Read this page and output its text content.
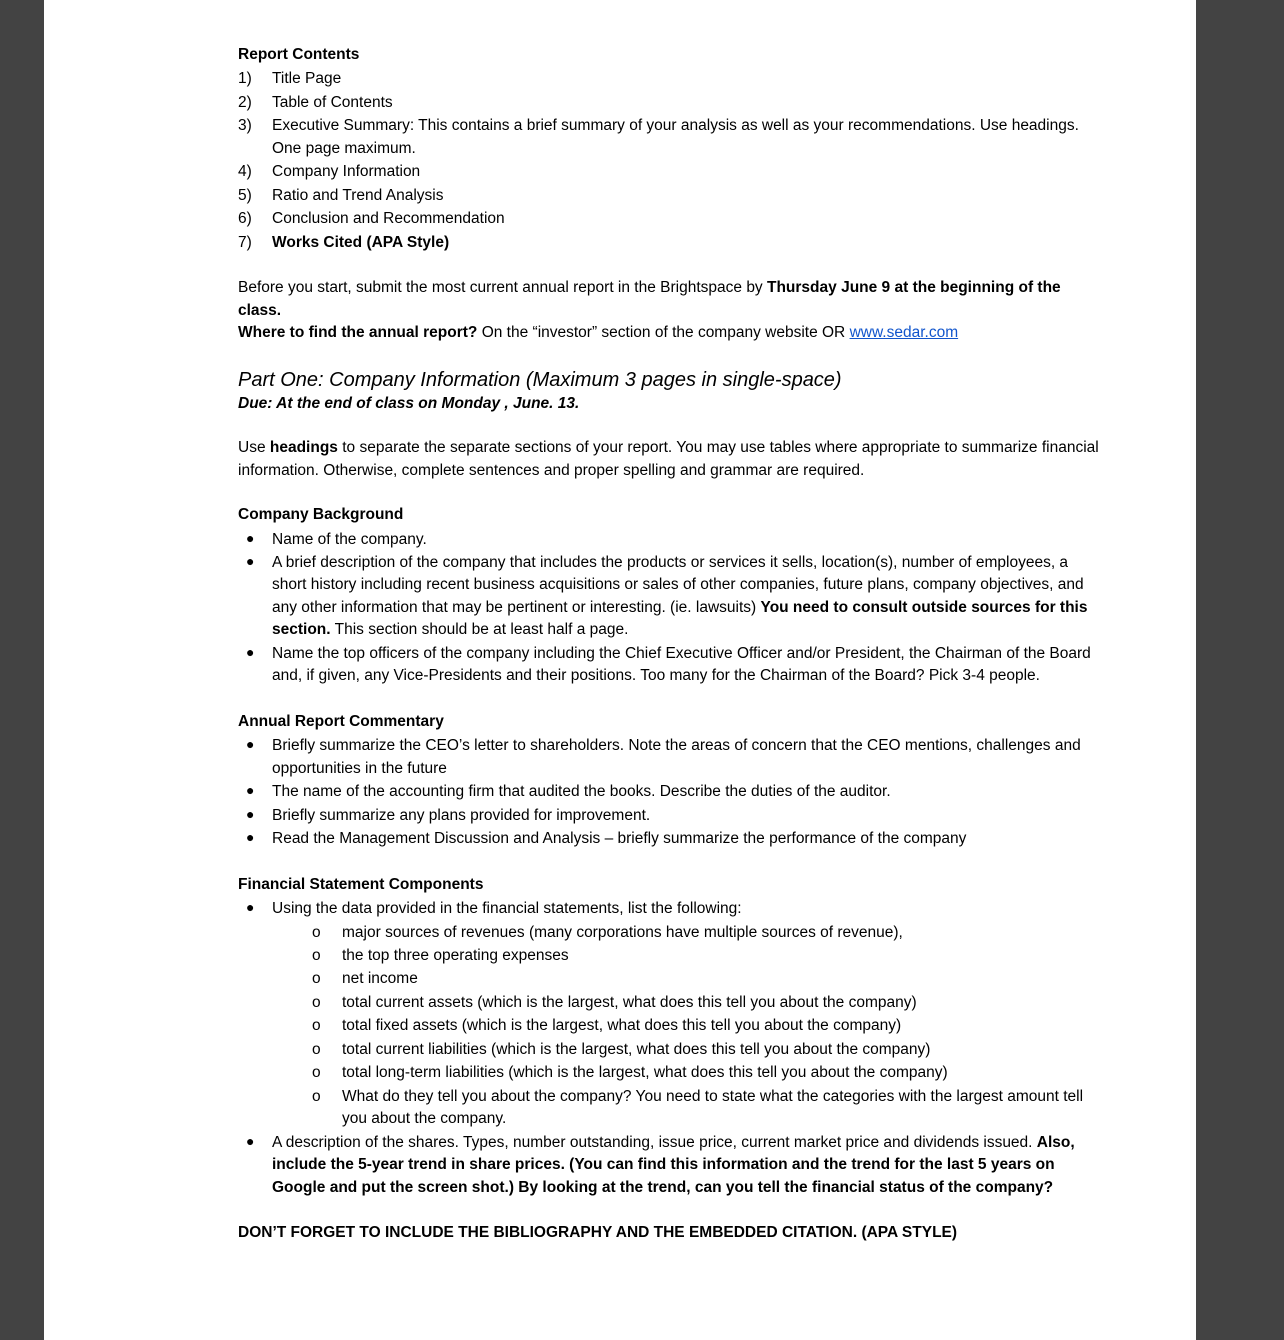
Report Contents
1)	Title Page
2)	Table of Contents
3)	Executive Summary: This contains a brief summary of your analysis as well as your recommendations. Use headings. One page maximum.
4)	Company Information
5)	Ratio and Trend Analysis
6)	Conclusion and Recommendation
7)	Works Cited (APA Style)

Before you start, submit the most current annual report in the Brightspace by Thursday June 9 at the beginning of the class.
Where to find the annual report? On the “investor” section of the company website OR www.sedar.com

Part One: Company Information (Maximum 3 pages in single-space)

Due: At the end of class on Monday , June. 13.

Use headings to separate the separate sections of your report. You may use tables where appropriate to summarize financial information. Otherwise, complete sentences and proper spelling and grammar are required.

Company Background
● Name of the company.
● A brief description of the company that includes the products or services it sells, location(s), number of employees, a short history including recent business acquisitions or sales of other companies, future plans, company objectives, and any other information that may be pertinent or interesting. (ie. lawsuits) You need to consult outside sources for this section. This section should be at least half a page.
● Name the top officers of the company including the Chief Executive Officer and/or President, the Chairman of the Board and, if given, any Vice-Presidents and their positions. Too many for the Chairman of the Board? Pick 3-4 people.
Annual Report Commentary
● Briefly summarize the CEO’s letter to shareholders. Note the areas of concern that the CEO mentions, challenges and opportunities in the future
● The name of the accounting firm that audited the books. Describe the duties of the auditor.
● Briefly summarize any plans provided for improvement.
● Read the Management Discussion and Analysis – briefly summarize the performance of the company
Financial Statement Components
● Using the data provided in the financial statements, list the following:
o major sources of revenues (many corporations have multiple sources of revenue),
o the top three operating expenses
o net income
o total current assets (which is the largest, what does this tell you about the company)
o total fixed assets (which is the largest, what does this tell you about the company)
o total current liabilities (which is the largest, what does this tell you about the company)
o total long-term liabilities (which is the largest, what does this tell you about the company)
o What do they tell you about the company? You need to state what the categories with the largest amount tell you about the company.
● A description of the shares. Types, number outstanding, issue price, current market price and dividends issued. Also, include the 5-year trend in share prices. (You can find this information and the trend for the last 5 years on Google and put the screen shot.) By looking at the trend, can you tell the financial status of the company?

DON’T FORGET TO INCLUDE THE BIBLIOGRAPHY AND THE EMBEDDED CITATION. (APA STYLE)
